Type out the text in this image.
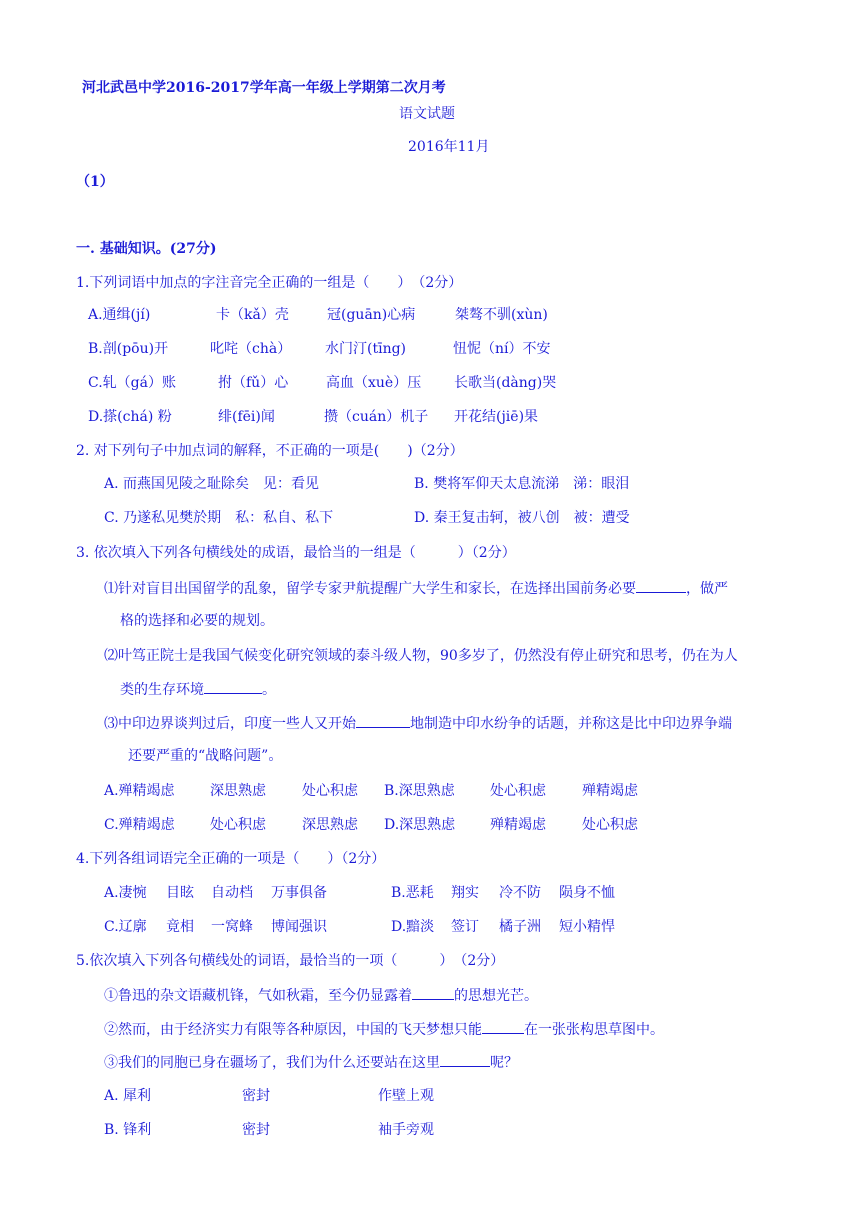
河北武邑中学2016-2017学年高一年级上学期第二次月考
语文试题
2016年11月
（1）
一. 基础知识。(27分)
1.下列词语中加点的字注音完全正确的一组是（　　）　（2分）
A.通缉(jí)	卡（kǎ）壳	冠(guān)心病	桀骜不驯(xùn)
B.剖(pōu)开	叱咤（chà） 水门汀(tīng)	忸怩（ní）不安
C.轧（gá）账	拊（fǔ）心	高血（xuè）压 长歌当(dàng)哭
D.搽(chá) 粉	绯(fēi)闻	攒（cuán）机子 开花结(jiē)果
2. 对下列句子中加点词的解释，不正确的一项是(　　)（2分）
A. 而燕国见陵之耻除矣　见：看见	B. 樊将军仰天太息流涕　涕：眼泪
C. 乃遂私见樊於期　私：私自、私下	D. 秦王复击轲，被八创　被：遭受
3. 依次填入下列各句横线处的成语，最恰当的一组是（　　　）（2分）
⑴针对盲目出国留学的乱象，留学专家尹航提醒广大学生和家长，在选择出国前务必要	，做严
格的选择和必要的规划。
⑵叶笃正院士是我国气候变化研究领域的泰斗级人物，90多岁了，仍然没有停止研究和思考，仍在为人
类的生存环境	。
⑶中印边界谈判过后，印度一些人又开始	地制造中印水纷争的话题，并称这是比中印边界争端
还要严重的“战略问题”。
A.殚精竭虑	深思熟虑	处心积虑 B.深思熟虑	处心积虑	殚精竭虑
C.殚精竭虑	处心积虑	深思熟虑 D.深思熟虑 殚精竭虑	处心积虑
4.下列各组词语完全正确的一项是（　　）（2分）
A.凄惋 目眩 自动档 万事俱备	B.恶耗 翔实 冷不防 陨身不恤
C.辽廓 竟相 一窝蜂 博闻强识	D.黯淡 签订 橘子洲 短小精悍
5.依次填入下列各句横线处的词语，最恰当的一项（　　　）　（2分）
①鲁迅的杂文语藏机锋，气如秋霜，至今仍显露着	的思想光芒。
②然而，由于经济实力有限等各种原因，中国的飞天梦想只能	在一张张构思草图中。
③我们的同胞已身在疆场了，我们为什么还要站在这里	呢？
A. 犀利	密封	作壁上观
B. 锋利	密封	袖手旁观
